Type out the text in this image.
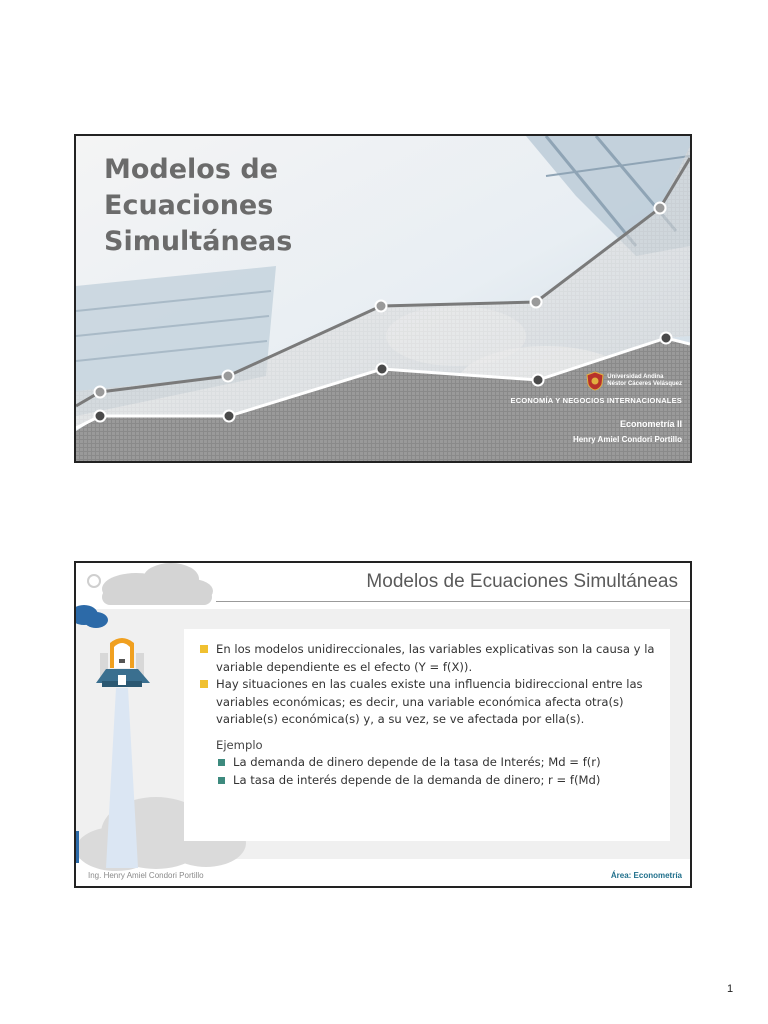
Modelos de
Ecuaciones
Simultáneas
Universidad Andina
Néstor Cáceres Velásquez
ECONOMÍA Y NEGOCIOS INTERNACIONALES
Econometría II
Henry Amiel Condori Portillo
Modelos de Ecuaciones Simultáneas
En los modelos unidireccionales, las variables explicativas son la causa y la variable dependiente es el efecto (Y = f(X)).
Hay situaciones en las cuales existe una influencia bidireccional entre las variables económicas; es decir, una variable económica afecta otra(s) variable(s) económica(s) y, a su vez, se ve afectada por ella(s).
Ejemplo
La demanda de dinero depende de la tasa de Interés; Md = f(r)
La tasa de interés depende de la demanda de dinero; r = f(Md)
Ing. Henry Amiel Condori Portillo	Área: Econometría
1
